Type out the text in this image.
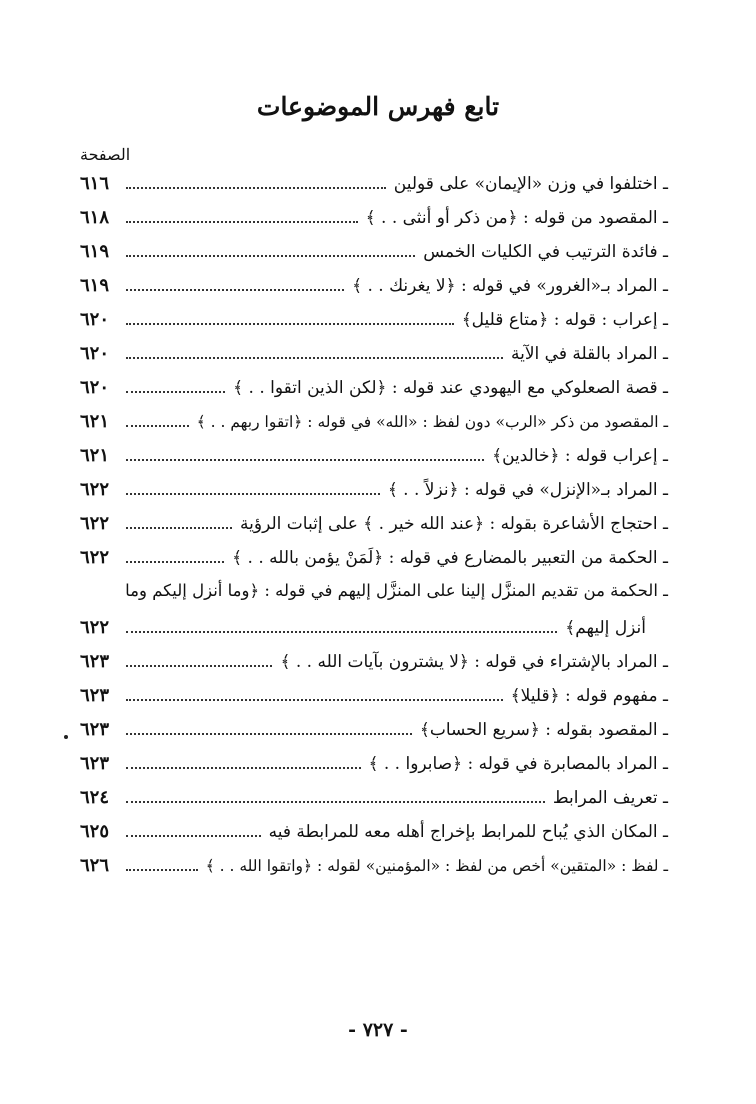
تابع فهرس الموضوعات
الصفحة
ـ اختلفوا في وزن «الإيمان» على قولين
٦١٦
ـ المقصود من قوله : ﴿من ذكر أو أنثى . . ﴾
٦١٨
ـ فائدة الترتيب في الكليات الخمس
٦١٩
ـ المراد بـ«الغرور» في قوله : ﴿لا يغرنك . . ﴾
٦١٩
ـ إعراب : قوله : ﴿متاع قليل﴾
٦٢٠
ـ المراد بالقلة في الآية
٦٢٠
ـ قصة الصعلوكي مع اليهودي عند قوله : ﴿لكن الذين اتقوا . . ﴾
٦٢٠
ـ المقصود من ذكر «الرب» دون لفظ : «الله» في قوله : ﴿اتقوا ربهم . . ﴾
٦٢١
ـ إعراب قوله : ﴿خالدين﴾
٦٢١
ـ المراد بـ«الإنزل» في قوله : ﴿نزلاً . . ﴾
٦٢٢
ـ احتجاج الأشاعرة بقوله : ﴿عند الله خير . ﴾ على إثبات الرؤية
٦٢٢
ـ الحكمة من التعبير بالمضارع في قوله : ﴿لَمَنْ يؤمن بالله . . ﴾
٦٢٢
ـ الحكمة من تقديم المنزَّل إلينا على المنزَّل إليهم في قوله : ﴿وما أنزل إليكم وما
أنزل إليهم﴾
٦٢٢
ـ المراد بالإشتراء في قوله : ﴿لا يشترون بآيات الله . . ﴾
٦٢٣
ـ مفهوم قوله : ﴿قليلا﴾
٦٢٣
ـ المقصود بقوله : ﴿سريع الحساب﴾
٦٢٣
ـ المراد بالمصابرة في قوله : ﴿صابروا . . ﴾
٦٢٣
ـ تعريف المرابط
٦٢٤
ـ المكان الذي يُباح للمرابط بإخراج أهله معه للمرابطة فيه
٦٢٥
ـ لفظ : «المتقين» أخص من لفظ : «المؤمنين» لقوله : ﴿واتقوا الله . . ﴾
٦٢٦
- ٧٢٧ -
